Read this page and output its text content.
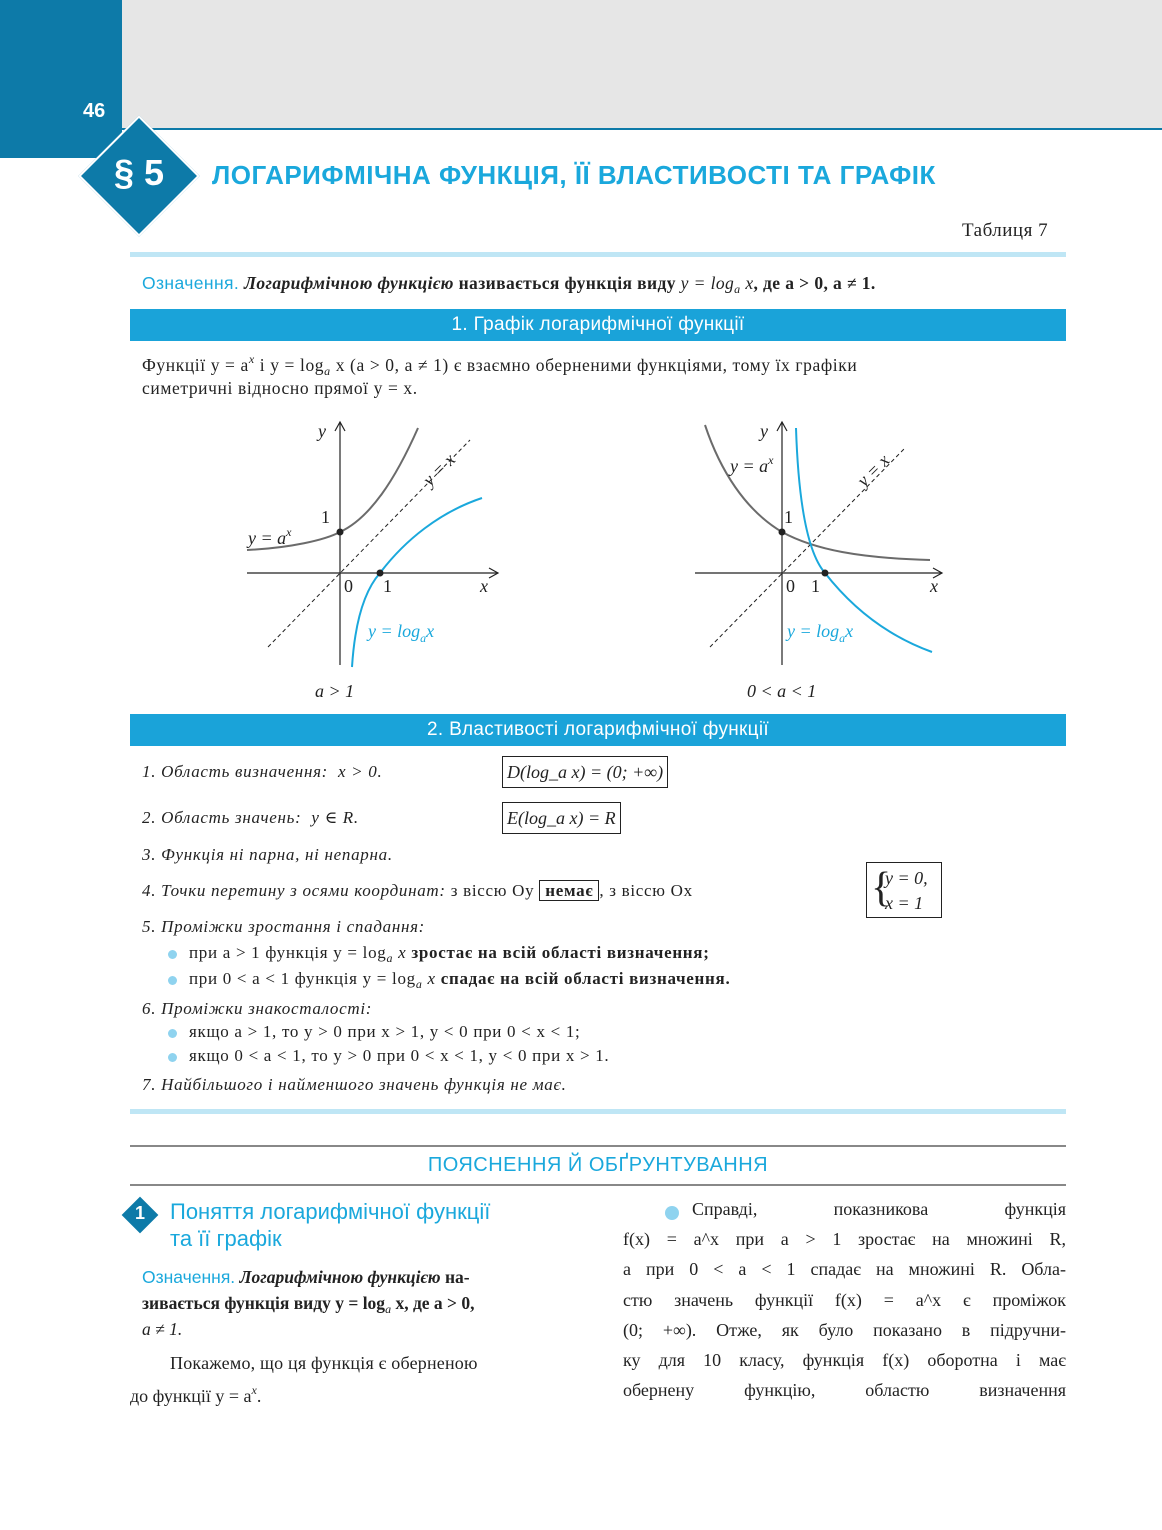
46
§ 5	ЛОГАРИФМІЧНА ФУНКЦІЯ, ЇЇ ВЛАСТИВОСТІ ТА ГРАФІК
Таблиця 7
Означення. Логарифмічною функцією називається функція виду $y = \log_a x$, де a > 0, a ≠ 1.
1. Графік логарифмічної функції
Функції $y = a^x$ і $y = \log_a x$ (a > 0, a ≠ 1) є взаємно оберненими функціями, тому їх графіки
симетричні відносно прямої y = x.
y
x
1
0 1
y = x
$y = a^x$
$y = \log_ax$
a > 1
y
x
1
0 1
y = x
$y = a^x$
$y = \log_ax$
0 < a < 1
2. Властивості логарифмічної функції
1. Область визначення: x > 0.	D(log_a x) = (0; +∞)
2. Область значень: y ∈ R.	E(log_a x) = R
3. Функція ні парна, ні непарна.
4. Точки перетину з осями координат: з віссю Oy немає , з віссю Ox	{
y = 0,
x = 1
5. Проміжки зростання і спадання:
при a > 1 функція $y = \log_a x$ зростає на всій області визначення;
при 0 < a < 1 функція $y = \log_a x$ спадає на всій області визначення.
6. Проміжки знакосталості:
якщо a > 1, то y > 0 при x > 1, y < 0 при 0 < x < 1;
якщо 0 < a < 1, то y > 0 при 0 < x < 1, y < 0 при x > 1.
7. Найбільшого і найменшого значень функція не має.
ПОЯСНЕННЯ Й ОБҐРУНТУВАННЯ
1	Поняття логарифмічної функції
та її графік
Означення. Логарифмічною функцією на-
зивається функція виду $y = \log_a x$, де a > 0,
a ≠ 1.
Покажемо, що ця функція є оберненою
до функції $y = a^x$.
Справді, показникова функція
f(x) = a^x при a > 1 зростає на множині R,
а при 0 < a < 1 спадає на множині R. Обла-
стю значень функції f(x) = a^x є проміжок
(0; +∞). Отже, як було показано в підручни-
ку для 10 класу, функція f(x) оборотна і має
обернену функцію, областю визначення
